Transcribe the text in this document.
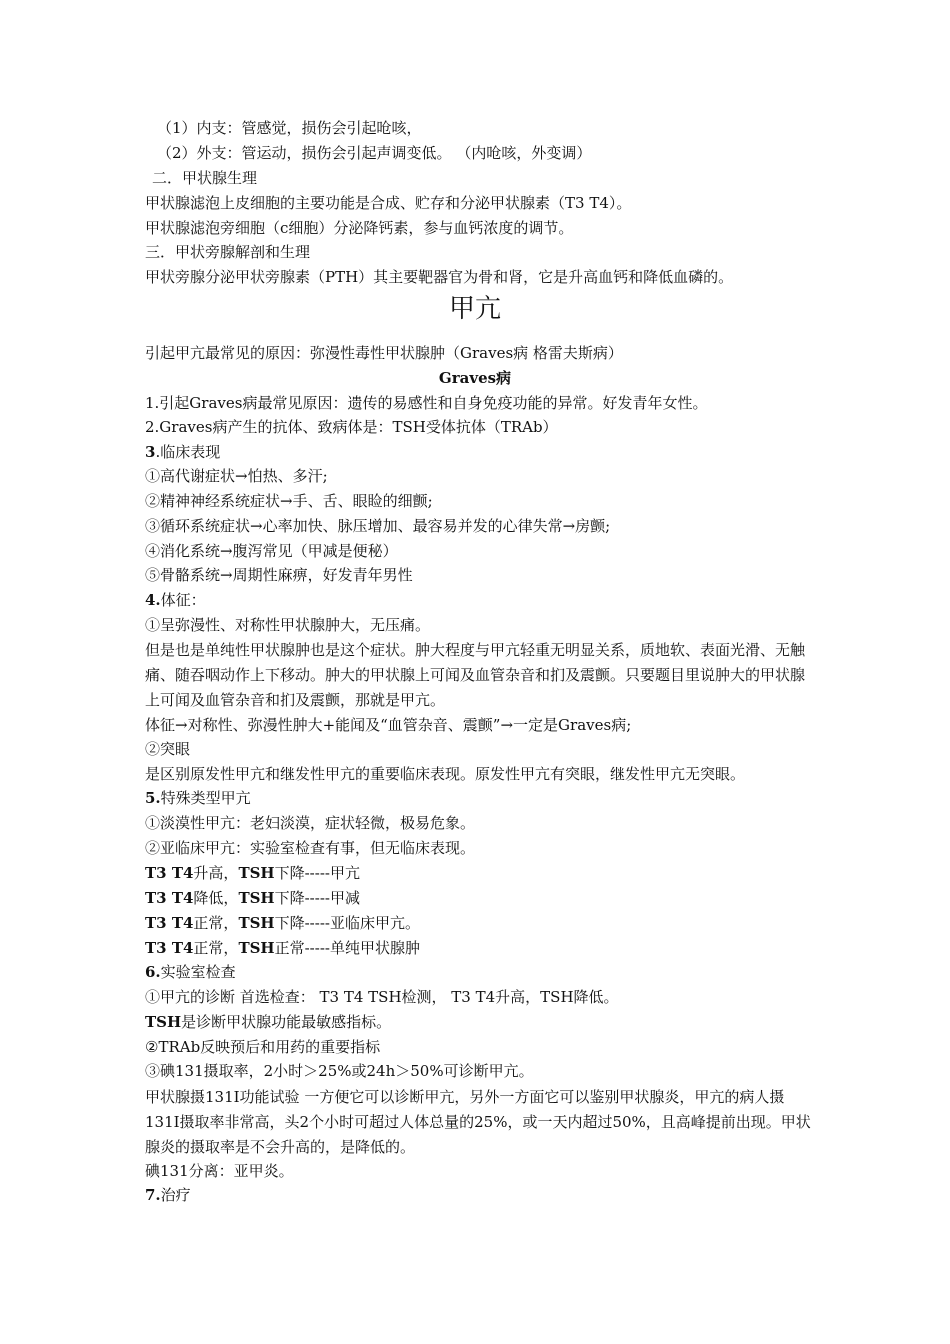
（1）内支：管感觉，损伤会引起呛咳，
（2）外支：管运动，损伤会引起声调变低。 （内呛咳，外变调）
二．甲状腺生理
甲状腺滤泡上皮细胞的主要功能是合成、贮存和分泌甲状腺素（T3 T4）。
甲状腺滤泡旁细胞（c细胞）分泌降钙素，参与血钙浓度的调节。
三．甲状旁腺解剖和生理
甲状旁腺分泌甲状旁腺素（PTH）其主要靶器官为骨和肾，它是升高血钙和降低血磷的。
甲亢
引起甲亢最常见的原因：弥漫性毒性甲状腺肿（Graves病 格雷夫斯病）
Graves病
1.引起Graves病最常见原因：遗传的易感性和自身免疫功能的异常。好发青年女性。
2.Graves病产生的抗体、致病体是：TSH受体抗体（TRAb）
3.临床表现
①高代谢症状→怕热、多汗;
②精神神经系统症状→手、舌、眼睑的细颤;
③循环系统症状→心率加快、脉压增加、最容易并发的心律失常→房颤;
④消化系统→腹泻常见（甲减是便秘）
⑤骨骼系统→周期性麻痹，好发青年男性
4.体征：
①呈弥漫性、对称性甲状腺肿大，无压痛。
但是也是单纯性甲状腺肿也是这个症状。肿大程度与甲亢轻重无明显关系，质地软、表面光滑、无触痛、随吞咽动作上下移动。肿大的甲状腺上可闻及血管杂音和扪及震颤。只要题目里说肿大的甲状腺上可闻及血管杂音和扪及震颤，那就是甲亢。
体征→对称性、弥漫性肿大+能闻及“血管杂音、震颤”→一定是Graves病;
②突眼
是区别原发性甲亢和继发性甲亢的重要临床表现。原发性甲亢有突眼，继发性甲亢无突眼。
5.特殊类型甲亢
①淡漠性甲亢：老妇淡漠，症状轻微，极易危象。
②亚临床甲亢：实验室检查有事，但无临床表现。
T3 T4升高，TSH下降-----甲亢
T3 T4降低，TSH下降-----甲减
T3 T4正常，TSH下降-----亚临床甲亢。
T3 T4正常，TSH正常-----单纯甲状腺肿
6.实验室检查
①甲亢的诊断 首选检查： T3 T4 TSH检测， T3 T4升高，TSH降低。
TSH是诊断甲状腺功能最敏感指标。
②TRAb反映预后和用药的重要指标
③碘131摄取率，2小时＞25%或24h＞50%可诊断甲亢。
甲状腺摄131I功能试验 一方便它可以诊断甲亢，另外一方面它可以鉴别甲状腺炎，甲亢的病人摄131I摄取率非常高，头2个小时可超过人体总量的25%，或一天内超过50%，且高峰提前出现。甲状腺炎的摄取率是不会升高的，是降低的。
碘131分离：亚甲炎。
7.治疗
